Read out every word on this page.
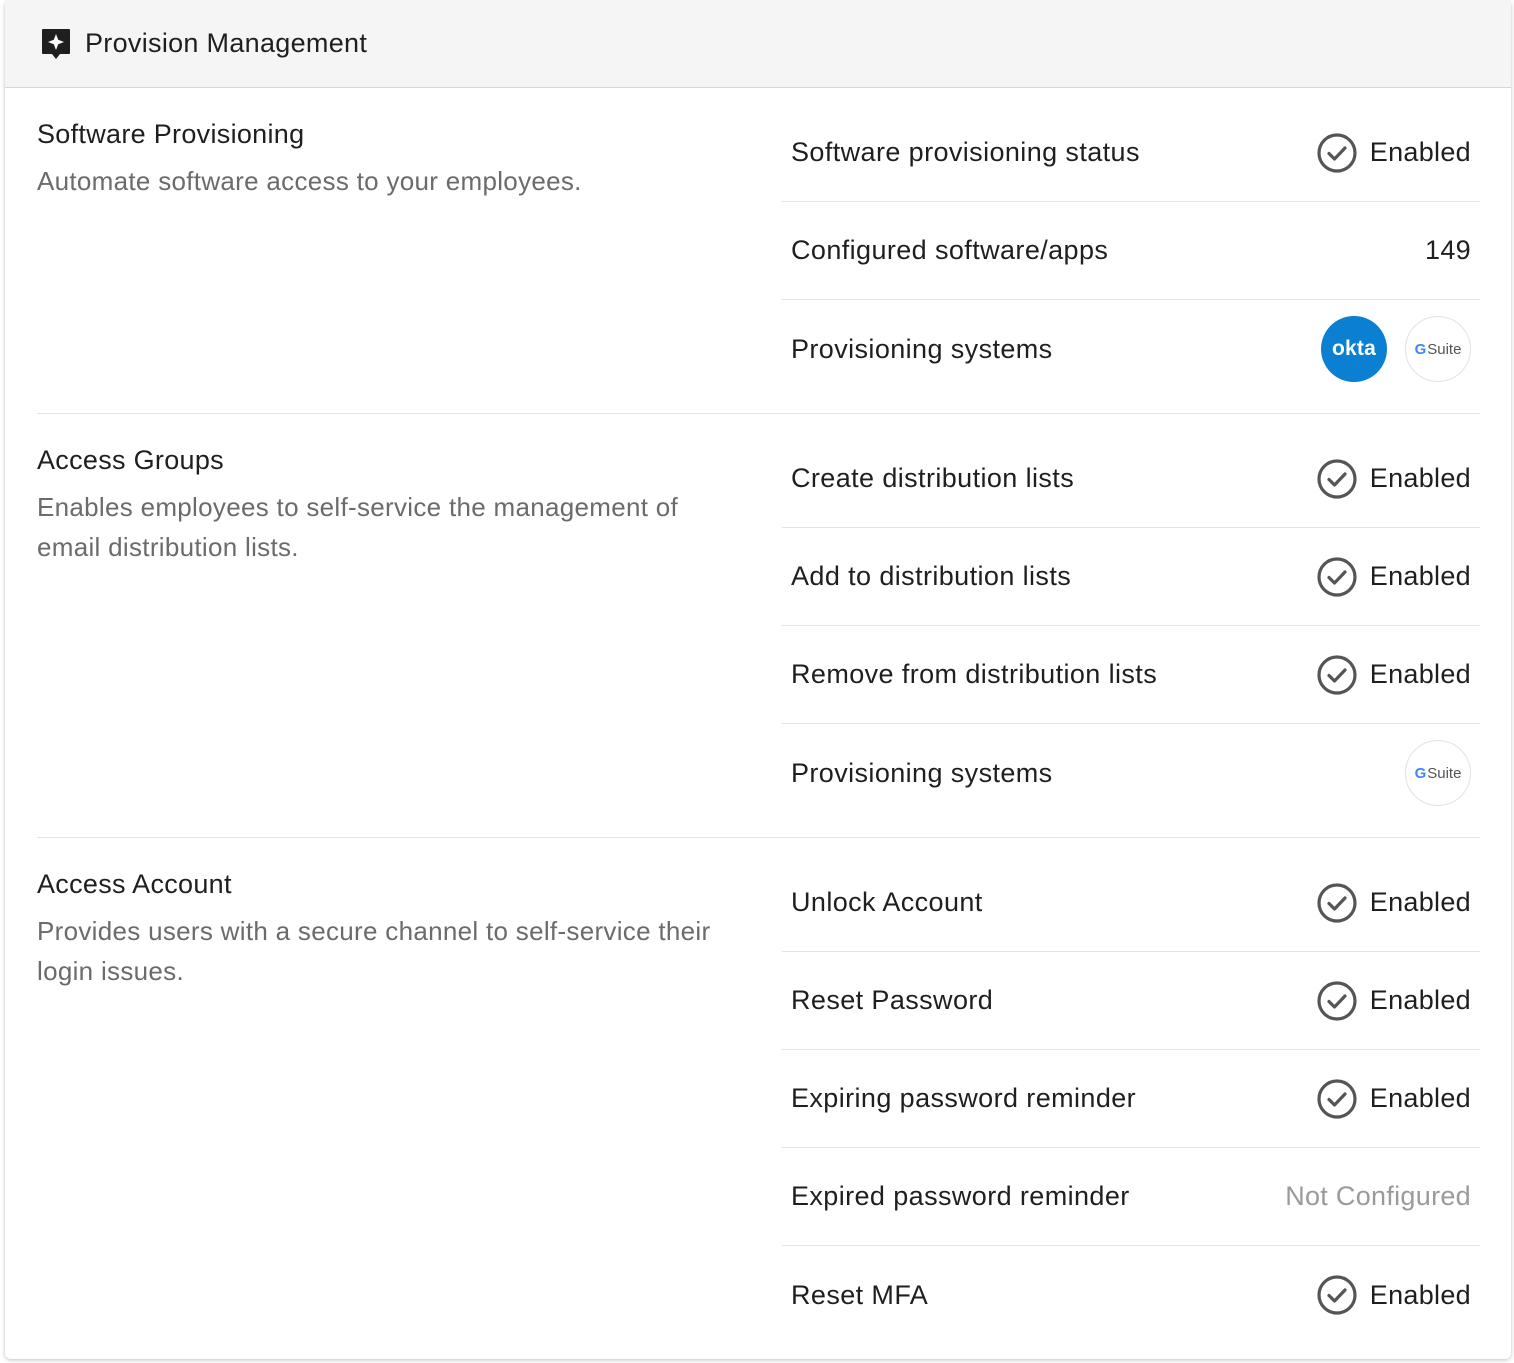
Provision Management
Software Provisioning
Automate software access to your employees.
Software provisioning status	Enabled
Configured software/apps	149
Provisioning systems	okta	G Suite
Access Groups
Enables employees to self-service the management of email distribution lists.
Create distribution lists	Enabled
Add to distribution lists	Enabled
Remove from distribution lists	Enabled
Provisioning systems	G Suite
Access Account
Provides users with a secure channel to self-service their login issues.
Unlock Account	Enabled
Reset Password	Enabled
Expiring password reminder	Enabled
Expired password reminder	Not Configured
Reset MFA	Enabled
